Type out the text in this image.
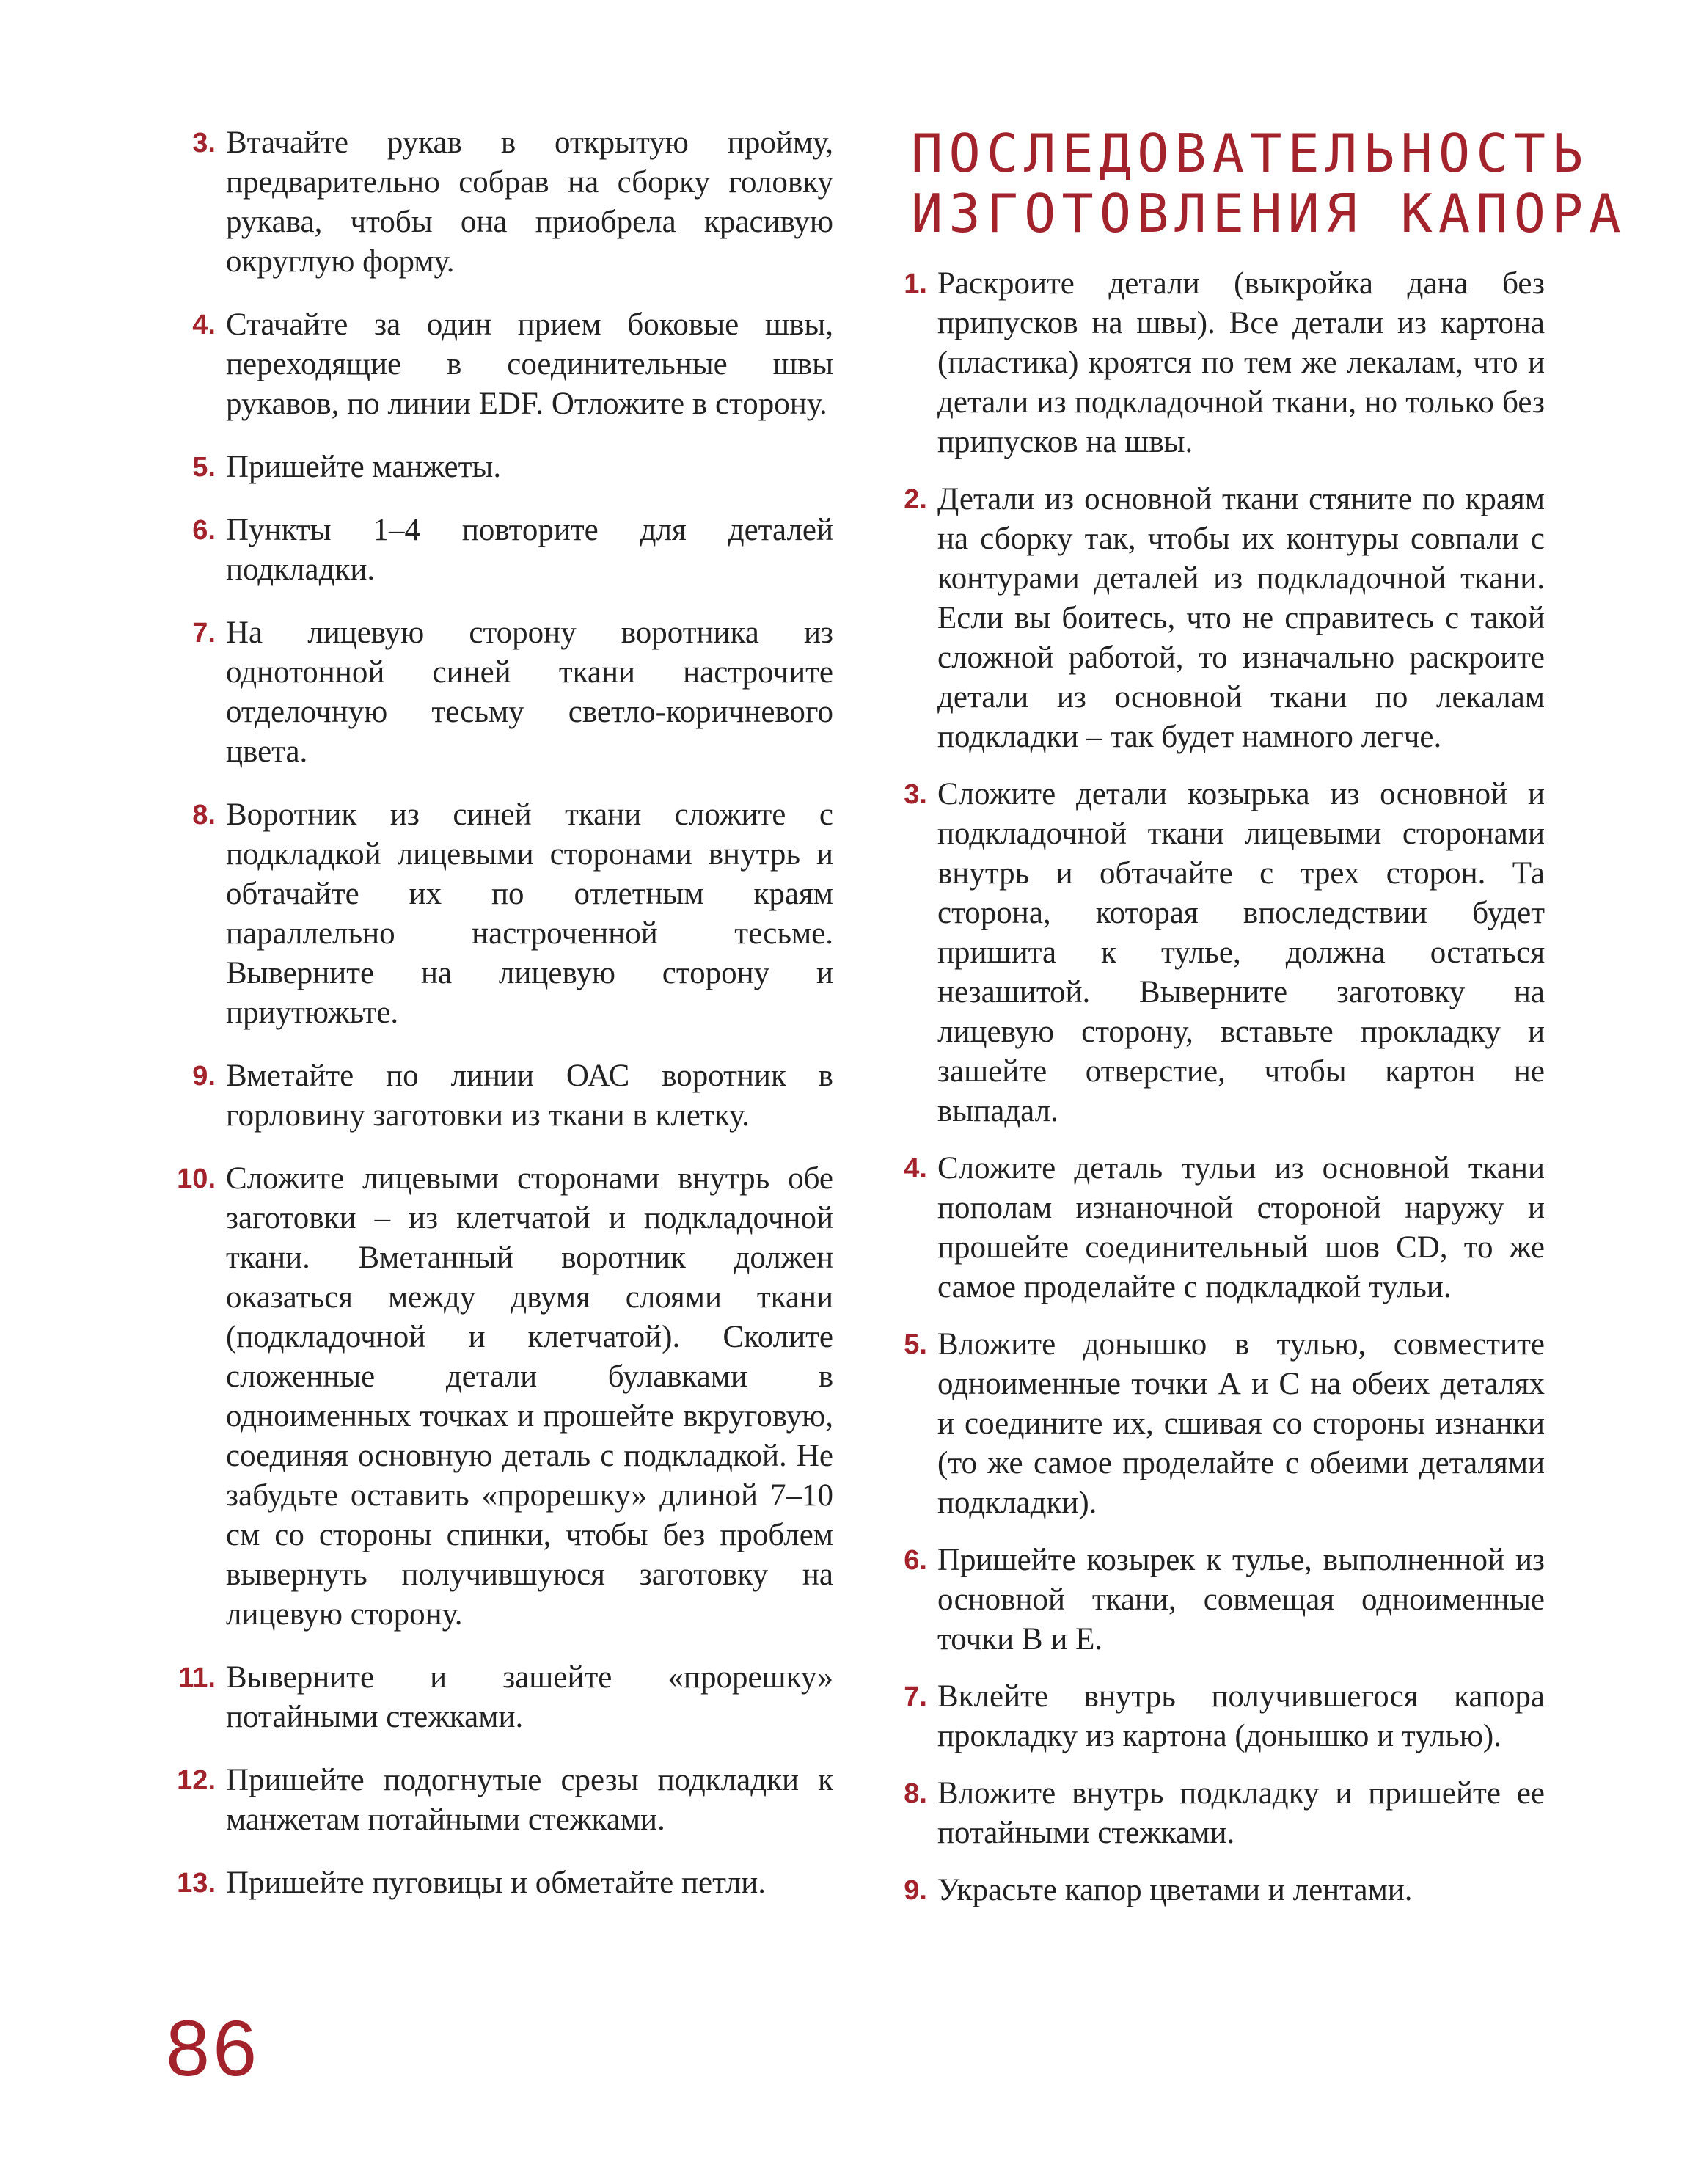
3. Втачайте рукав в открытую пройму, предварительно собрав на сборку головку рукава, чтобы она приобрела красивую округлую форму.
4. Стачайте за один прием боковые швы, переходящие в соединительные швы рукавов, по линии EDF. Отложите в сторону.
5. Пришейте манжеты.
6. Пункты 1–4 повторите для деталей подкладки.
7. На лицевую сторону воротника из однотонной синей ткани настрочите отделочную тесьму светло-коричневого цвета.
8. Воротник из синей ткани сложите с подкладкой лицевыми сторонами внутрь и обтачайте их по отлетным краям параллельно настроченной тесьме. Выверните на лицевую сторону и приутюжьте.
9. Вметайте по линии ОАС воротник в горловину заготовки из ткани в клетку.
10. Сложите лицевыми сторонами внутрь обе заготовки – из клетчатой и подкладочной ткани. Вметанный воротник должен оказаться между двумя слоями ткани (подкладочной и клетчатой). Сколите сложенные детали булавками в одноименных точках и прошейте вкруговую, соединяя основную деталь с подкладкой. Не забудьте оставить «прорешку» длиной 7–10 см со стороны спинки, чтобы без проблем вывернуть получившуюся заготовку на лицевую сторону.
11. Выверните и зашейте «прорешку» потайными стежками.
12. Пришейте подогнутые срезы подкладки к манжетам потайными стежками.
13. Пришейте пуговицы и обметайте петли.
ПОСЛЕДОВАТЕЛЬНОСТЬ
ИЗГОТОВЛЕНИЯ КАПОРА
1. Раскроите детали (выкройка дана без припусков на швы). Все детали из картона (пластика) кроятся по тем же лекалам, что и детали из подкладочной ткани, но только без припусков на швы.
2. Детали из основной ткани стяните по краям на сборку так, чтобы их контуры совпали с контурами деталей из подкладочной ткани. Если вы боитесь, что не справитесь с такой сложной работой, то изначально раскроите детали из основной ткани по лекалам подкладки – так будет намного легче.
3. Сложите детали козырька из основной и подкладочной ткани лицевыми сторонами внутрь и обтачайте с трех сторон. Та сторона, которая впоследствии будет пришита к тулье, должна остаться незашитой. Выверните заготовку на лицевую сторону, вставьте прокладку и зашейте отверстие, чтобы картон не выпадал.
4. Сложите деталь тульи из основной ткани пополам изнаночной стороной наружу и прошейте соединительный шов CD, то же самое проделайте с подкладкой тульи.
5. Вложите донышко в тулью, совместите одноименные точки А и С на обеих деталях и соедините их, сшивая со стороны изнанки (то же самое проделайте с обеими деталями подкладки).
6. Пришейте козырек к тулье, выполненной из основной ткани, совмещая одноименные точки В и Е.
7. Вклейте внутрь получившегося капора прокладку из картона (донышко и тулью).
8. Вложите внутрь подкладку и пришейте ее потайными стежками.
9. Украсьте капор цветами и лентами.
86
